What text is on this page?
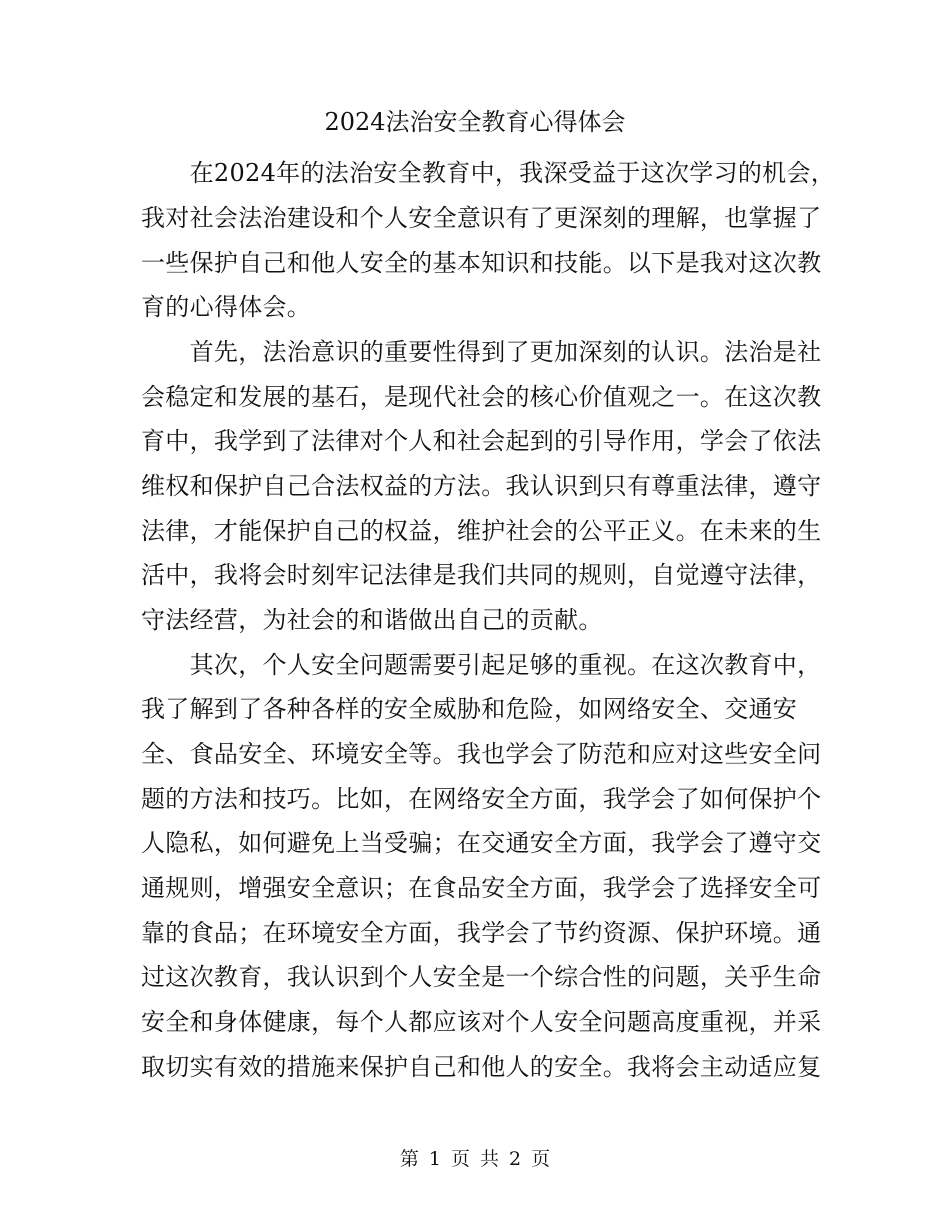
2024法治安全教育心得体会
　　在2024年的法治安全教育中，我深受益于这次学习的机会，
我对社会法治建设和个人安全意识有了更深刻的理解，也掌握了
一些保护自己和他人安全的基本知识和技能。以下是我对这次教
育的心得体会。
　　首先，法治意识的重要性得到了更加深刻的认识。法治是社
会稳定和发展的基石，是现代社会的核心价值观之一。在这次教
育中，我学到了法律对个人和社会起到的引导作用，学会了依法
维权和保护自己合法权益的方法。我认识到只有尊重法律，遵守
法律，才能保护自己的权益，维护社会的公平正义。在未来的生
活中，我将会时刻牢记法律是我们共同的规则，自觉遵守法律，
守法经营，为社会的和谐做出自己的贡献。
　　其次，个人安全问题需要引起足够的重视。在这次教育中，
我了解到了各种各样的安全威胁和危险，如网络安全、交通安
全、食品安全、环境安全等。我也学会了防范和应对这些安全问
题的方法和技巧。比如，在网络安全方面，我学会了如何保护个
人隐私，如何避免上当受骗；在交通安全方面，我学会了遵守交
通规则，增强安全意识；在食品安全方面，我学会了选择安全可
靠的食品；在环境安全方面，我学会了节约资源、保护环境。通
过这次教育，我认识到个人安全是一个综合性的问题，关乎生命
安全和身体健康，每个人都应该对个人安全问题高度重视，并采
取切实有效的措施来保护自己和他人的安全。我将会主动适应复
第 1 页 共 2 页
